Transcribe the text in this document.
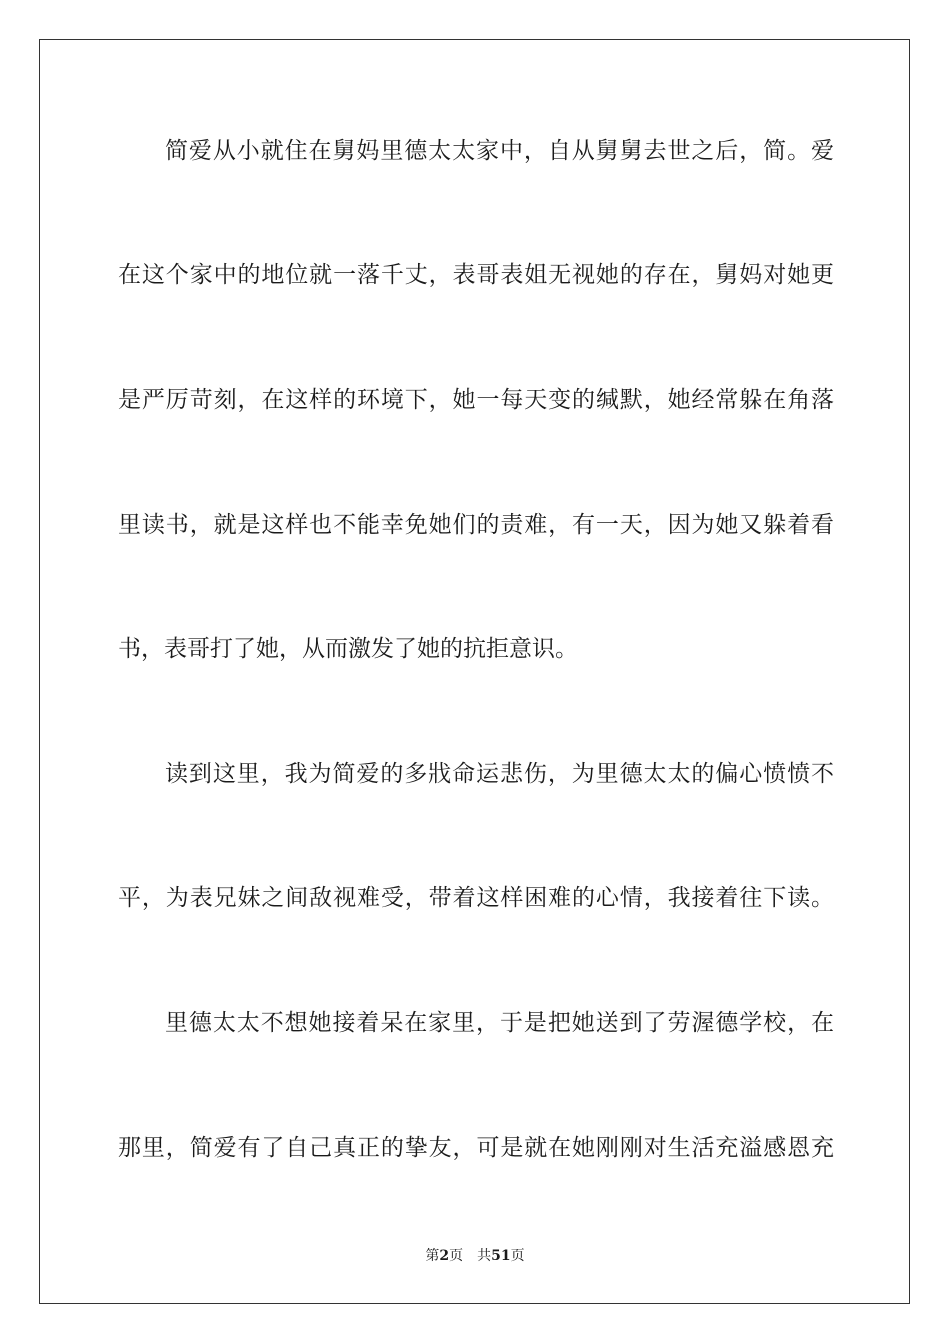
简爱从小就住在舅妈里德太太家中，自从舅舅去世之后，简。爱
在这个家中的地位就一落千丈，表哥表姐无视她的存在，舅妈对她更
是严厉苛刻，在这样的环境下，她一每天变的缄默，她经常躲在角落
里读书，就是这样也不能幸免她们的责难，有一天，因为她又躲着看
书，表哥打了她，从而激发了她的抗拒意识。
读到这里，我为简爱的多戕命运悲伤，为里德太太的偏心愤愤不
平，为表兄妹之间敌视难受，带着这样困难的心情，我接着往下读。
里德太太不想她接着呆在家里，于是把她送到了劳渥德学校，在
那里，简爱有了自己真正的挚友，可是就在她刚刚对生活充溢感恩充
第2页 共51页
